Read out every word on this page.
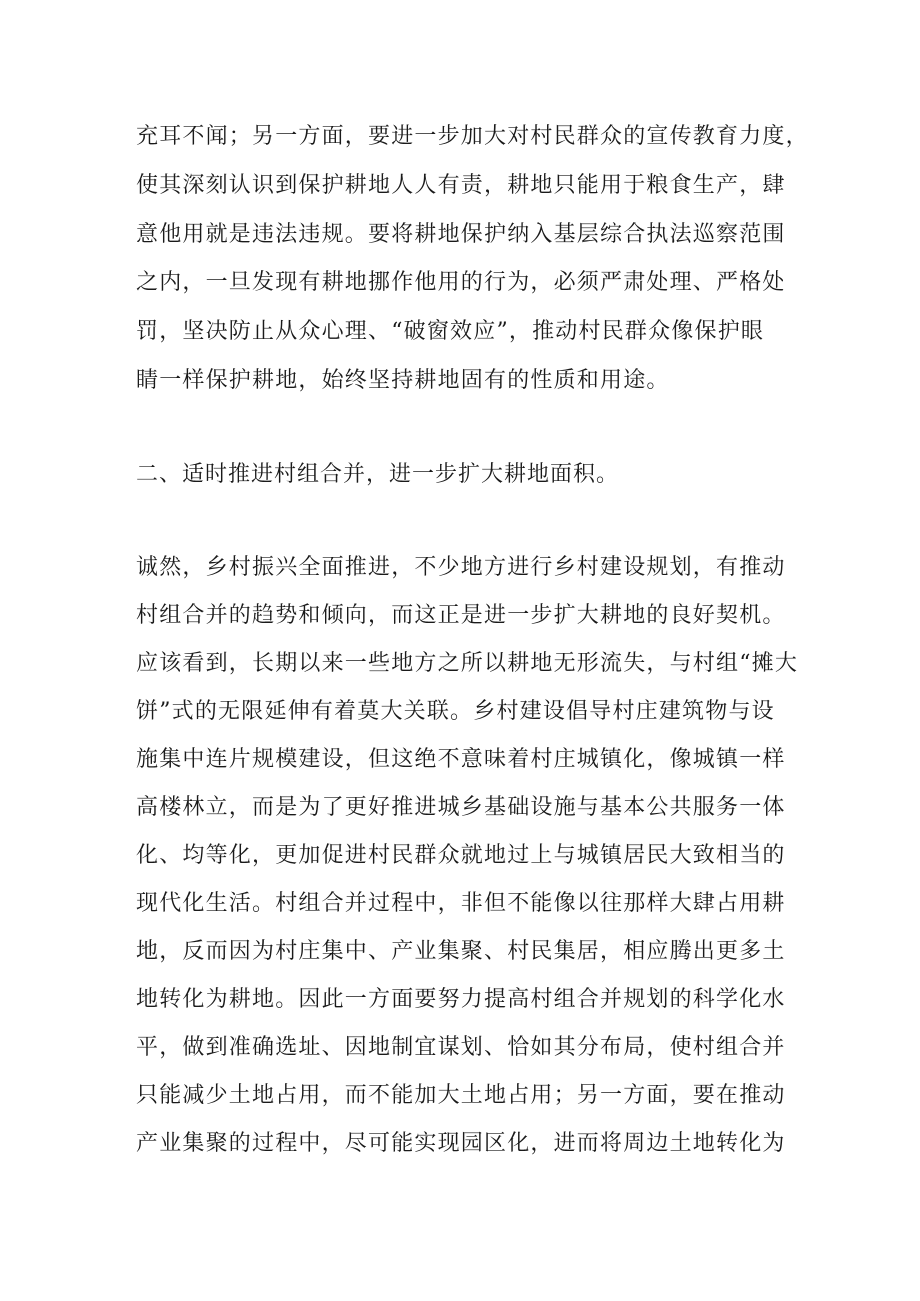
充耳不闻；另一方面，要进一步加大对村民群众的宣传教育力度，

使其深刻认识到保护耕地人人有责，耕地只能用于粮食生产，肆

意他用就是违法违规。要将耕地保护纳入基层综合执法巡察范围

之内，一旦发现有耕地挪作他用的行为，必须严肃处理、严格处

罚，坚决防止从众心理、“破窗效应”，推动村民群众像保护眼

睛一样保护耕地，始终坚持耕地固有的性质和用途。

二、适时推进村组合并，进一步扩大耕地面积。

诚然，乡村振兴全面推进，不少地方进行乡村建设规划，有推动

村组合并的趋势和倾向，而这正是进一步扩大耕地的良好契机。

应该看到，长期以来一些地方之所以耕地无形流失，与村组“摊大

饼”式的无限延伸有着莫大关联。乡村建设倡导村庄建筑物与设

施集中连片规模建设，但这绝不意味着村庄城镇化，像城镇一样

高楼林立，而是为了更好推进城乡基础设施与基本公共服务一体

化、均等化，更加促进村民群众就地过上与城镇居民大致相当的

现代化生活。村组合并过程中，非但不能像以往那样大肆占用耕

地，反而因为村庄集中、产业集聚、村民集居，相应腾出更多土

地转化为耕地。因此一方面要努力提高村组合并规划的科学化水

平，做到准确选址、因地制宜谋划、恰如其分布局，使村组合并

只能减少土地占用，而不能加大土地占用；另一方面，要在推动

产业集聚的过程中，尽可能实现园区化，进而将周边土地转化为
